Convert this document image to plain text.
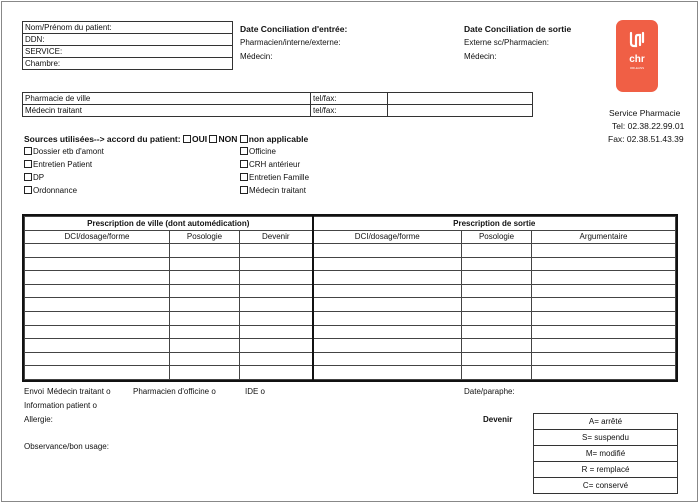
Nom/Prénom du patient:
DDN:
SERVICE:
Chambre:
Date Conciliation d'entrée:
Pharmacien/interne/externe:
Médecin:
Date Conciliation de sortie
Externe sc/Pharmacien:
Médecin:	chr
ORLEANS
Pharmacie de ville	tel/fax:	
Médecin traitant	tel/fax:		Service Pharmacie
Tel: 02.38.22.99.01
Fax: 02.38.51.43.39
Sources utilisées--> accord du patient: OUI NON non applicable
Dossier etb d'amont
Entretien Patient
DP
Ordonnance
Officine
CRH antérieur
Entretien Famille
Médecin traitant
Prescription de ville (dont automédication)			Prescription de sortie		
DCI/dosage/forme	Posologie	Devenir	DCI/dosage/forme	Posologie	Argumentaire

Envoi Médecin traitant o	Pharmacien d'officine o	IDE o	Date/paraphe:
Information patient o
Allergie:
Observance/bon usage:
Devenir	A= arrêté
S= suspendu
M= modifié
R = remplacé
C= conservé
